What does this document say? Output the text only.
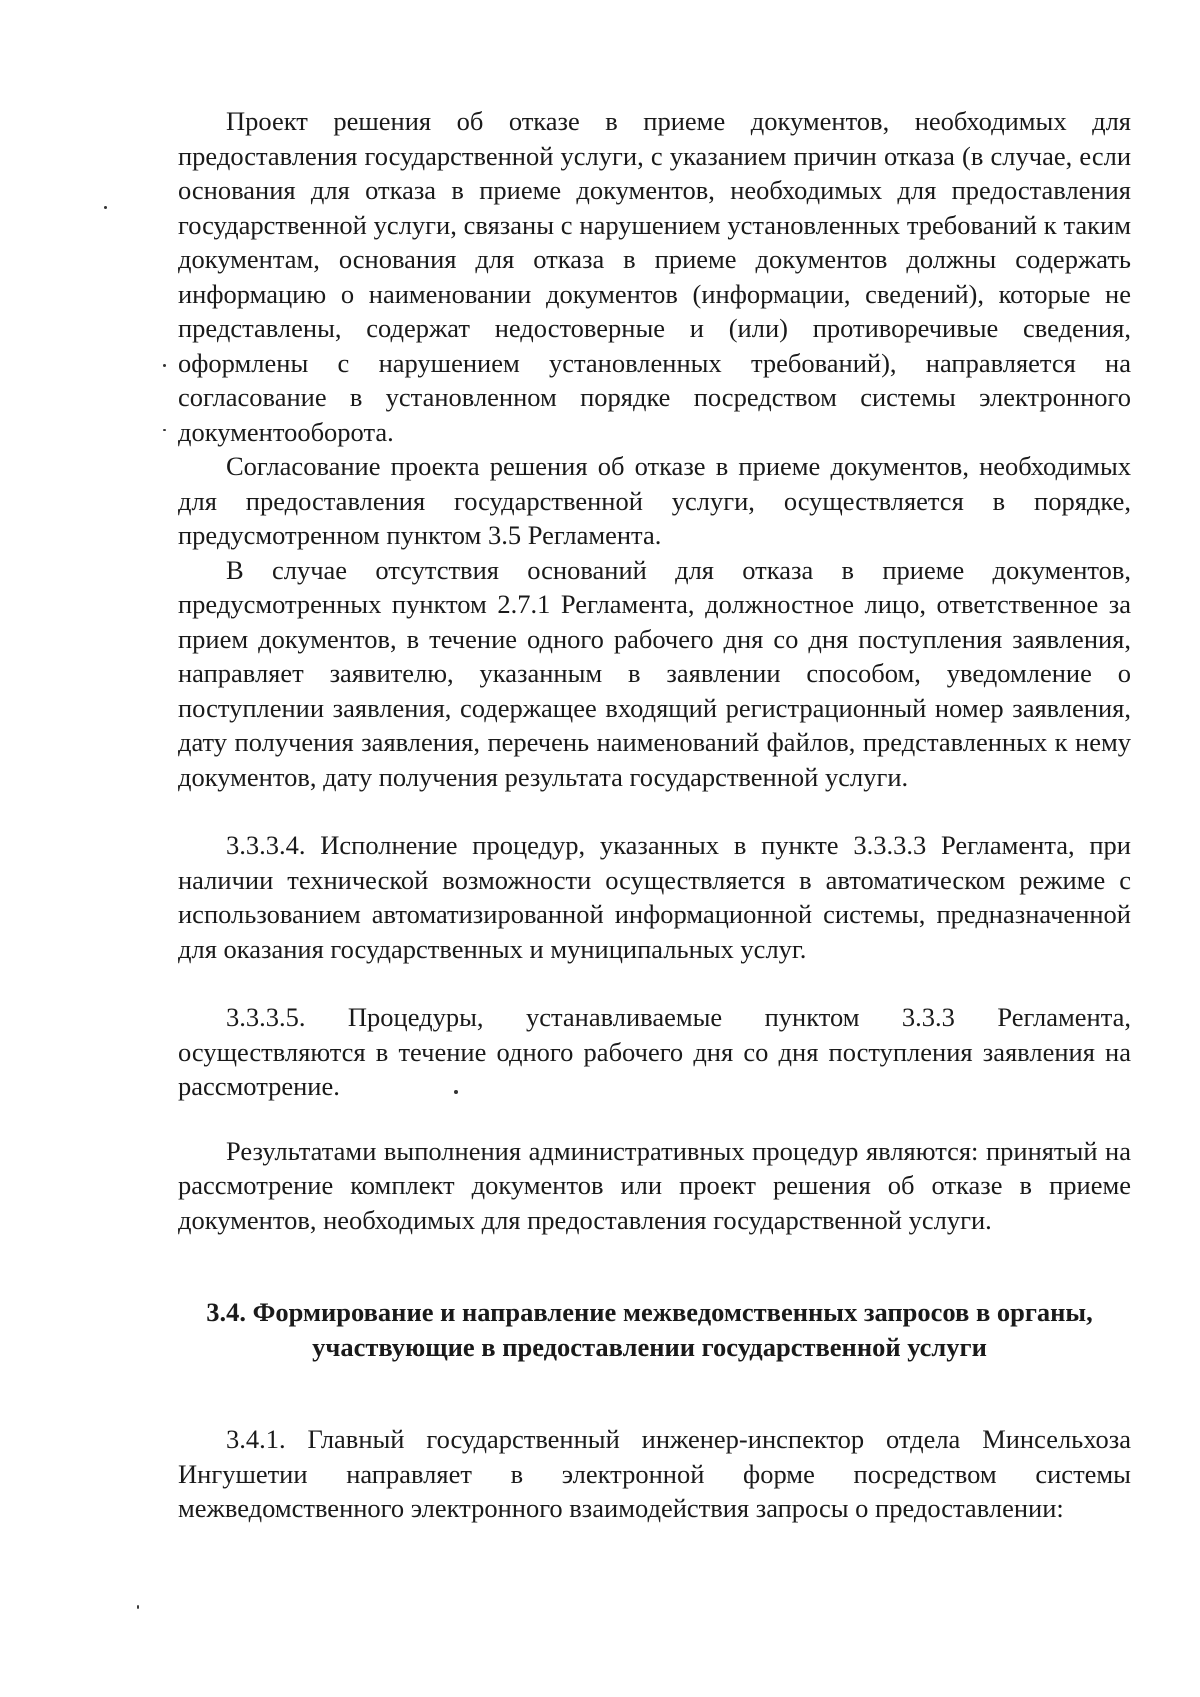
Проект решения об отказе в приеме документов, необходимых для предоставления государственной услуги, с указанием причин отказа (в случае, если основания для отказа в приеме документов, необходимых для предоставления государственной услуги, связаны с нарушением установленных требований к таким документам, основания для отказа в приеме документов должны содержать информацию о наименовании документов (информации, сведений), которые не представлены, содержат недостоверные и (или) противоречивые сведения, оформлены с нарушением установленных требований), направляется на согласование в установленном порядке посредством системы электронного документооборота.

Согласование проекта решения об отказе в приеме документов, необходимых для предоставления государственной услуги, осуществляется в порядке, предусмотренном пунктом 3.5 Регламента.

В случае отсутствия оснований для отказа в приеме документов, предусмотренных пунктом 2.7.1 Регламента, должностное лицо, ответственное за прием документов, в течение одного рабочего дня со дня поступления заявления, направляет заявителю, указанным в заявлении способом, уведомление о поступлении заявления, содержащее входящий регистрационный номер заявления, дату получения заявления, перечень наименований файлов, представленных к нему документов, дату получения результата государственной услуги.

3.3.3.4. Исполнение процедур, указанных в пункте 3.3.3.3 Регламента, при наличии технической возможности осуществляется в автоматическом режиме с использованием автоматизированной информационной системы, предназначенной для оказания государственных и муниципальных услуг.

3.3.3.5. Процедуры, устанавливаемые пунктом 3.3.3 Регламента, осуществляются в течение одного рабочего дня со дня поступления заявления на рассмотрение.

Результатами выполнения административных процедур являются: принятый на рассмотрение комплект документов или проект решения об отказе в приеме документов, необходимых для предоставления государственной услуги.

3.4. Формирование и направление межведомственных запросов в органы, участвующие в предоставлении государственной услуги

3.4.1. Главный государственный инженер-инспектор отдела Минсельхоза Ингушетии направляет в электронной форме посредством системы межведомственного электронного взаимодействия запросы о предоставлении:
